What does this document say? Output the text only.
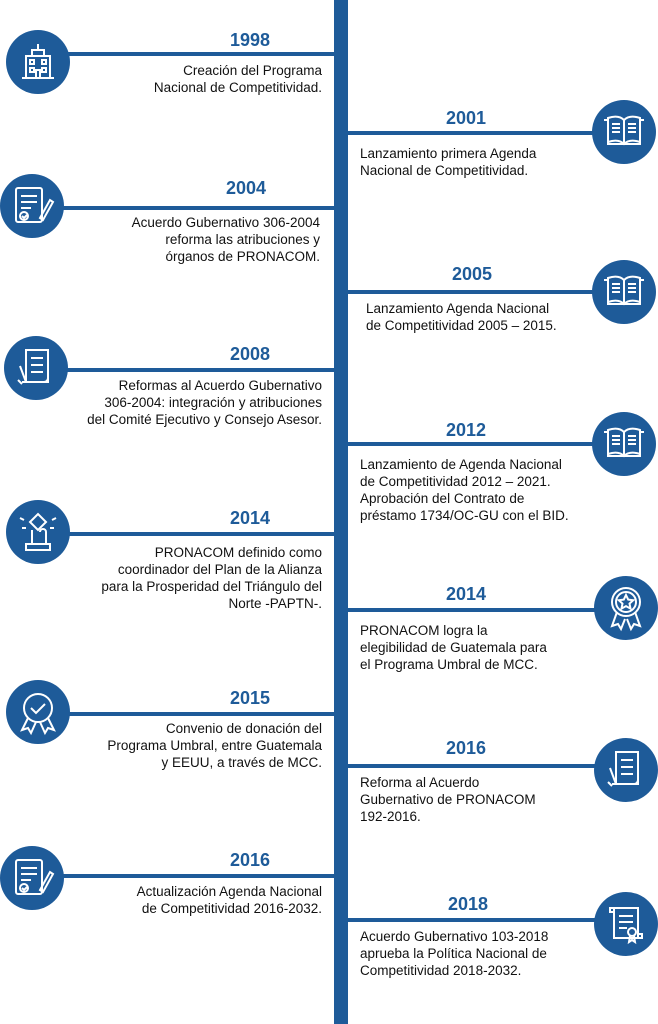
1998
Creación del Programa
Nacional de Competitividad.
2004
Acuerdo Gubernativo 306-2004
reforma las atribuciones y
órganos de PRONACOM.
2008
Reformas al Acuerdo Gubernativo
306-2004: integración y atribuciones
del Comité Ejecutivo y Consejo Asesor.
2014
PRONACOM definido como
coordinador del Plan de la Alianza
para la Prosperidad del Triángulo del
Norte -PAPTN-.
2015
Convenio de donación del
Programa Umbral, entre Guatemala
y EEUU, a través de MCC.
2016
Actualización Agenda Nacional
de Competitividad 2016-2032.
2001
Lanzamiento primera Agenda
Nacional de Competitividad.
2005
Lanzamiento Agenda Nacional
de Competitividad 2005 – 2015.
2012
Lanzamiento de Agenda Nacional
de Competitividad 2012 – 2021.
Aprobación del Contrato de
préstamo 1734/OC-GU con el BID.
2014
PRONACOM logra la
elegibilidad de Guatemala para
el Programa Umbral de MCC.
2016
Reforma al Acuerdo
Gubernativo de PRONACOM
192-2016.
2018
Acuerdo Gubernativo 103-2018
aprueba la Política Nacional de
Competitividad 2018-2032.
